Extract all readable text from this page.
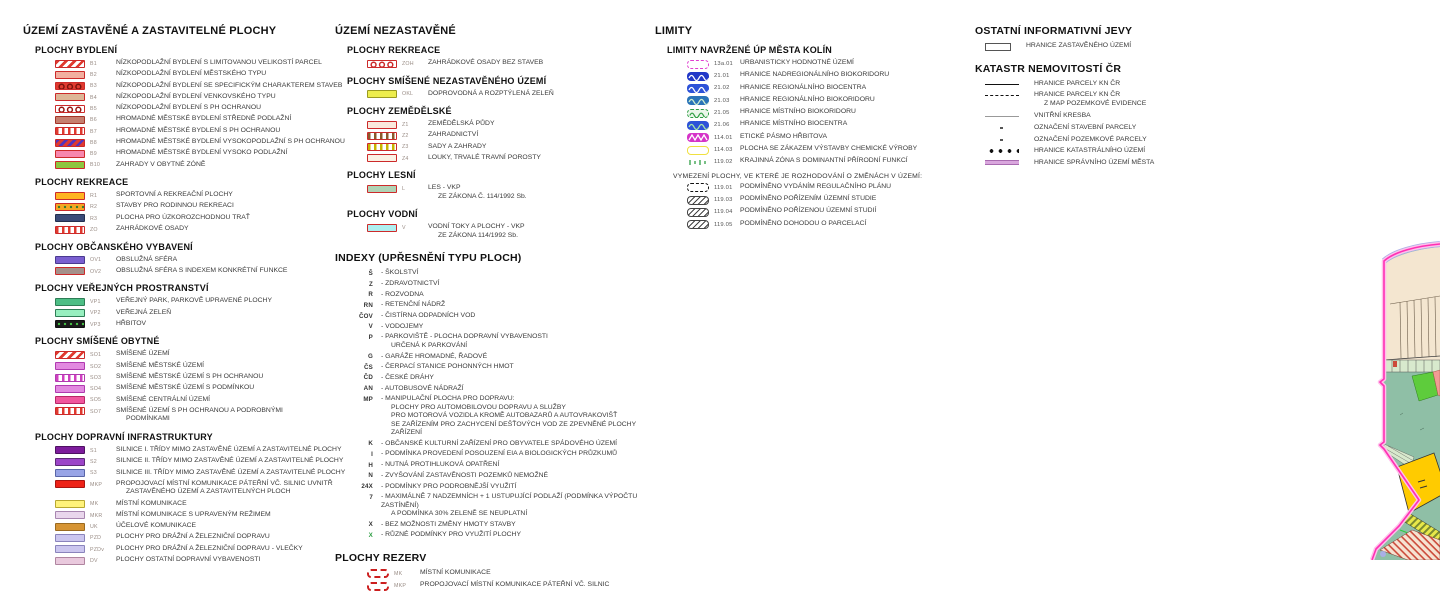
M&M
REALITY
ÚZEMÍ ZASTAVĚNÉ A ZASTAVITELNÉ PLOCHY
PLOCHY BYDLENÍ
B1	NÍZKOPODLAŽNÍ BYDLENÍ S LIMITOVANOU VELIKOSTÍ PARCEL
B2	NÍZKOPODLAŽNÍ BYDLENÍ MĚSTSKÉHO TYPU
B3	NÍZKOPODLAŽNÍ BYDLENÍ SE SPECIFICKÝM CHARAKTEREM STAVEB
B4	NÍZKOPODLAŽNÍ BYDLENÍ VENKOVSKÉHO TYPU
B5	NÍZKOPODLAŽNÍ BYDLENÍ S PH OCHRANOU
B6	HROMADNÉ MĚSTSKÉ BYDLENÍ STŘEDNĚ PODLAŽNÍ
B7	HROMADNÉ MĚSTSKÉ BYDLENÍ S PH OCHRANOU
B8	HROMADNÉ MĚSTSKÉ BYDLENÍ VYSOKOPODLAŽNÍ S PH OCHRANOU
B9	HROMADNÉ MĚSTSKÉ BYDLENÍ VYSOKO PODLAŽNÍ
B10	ZAHRADY V OBYTNÉ ZÓNĚ
PLOCHY REKREACE
R1	SPORTOVNÍ A REKREAČNÍ PLOCHY
R2	STAVBY PRO RODINNOU REKREACI
R3	PLOCHA PRO ÚZKOROZCHODNOU TRAŤ
ZO	ZAHRÁDKOVÉ OSADY
PLOCHY OBČANSKÉHO VYBAVENÍ
OV1	OBSLUŽNÁ SFÉRA
OV2	OBSLUŽNÁ SFÉRA S INDEXEM KONKRÉTNÍ FUNKCE
PLOCHY VEŘEJNÝCH PROSTRANSTVÍ
VP1	VEŘEJNÝ PARK, PARKOVĚ UPRAVENÉ PLOCHY
VP2	VEŘEJNÁ ZELEŇ
VP3	HŘBITOV
PLOCHY SMÍŠENÉ OBYTNÉ
SO1	SMÍŠENÉ ÚZEMÍ
SO2	SMÍŠENÉ MĚSTSKÉ ÚZEMÍ
SO3	SMÍŠENÉ MĚSTSKÉ ÚZEMÍ S PH OCHRANOU
SO4	SMÍŠENÉ MĚSTSKÉ ÚZEMÍ S PODMÍNKOU
SO5	SMÍŠENÉ CENTRÁLNÍ ÚZEMÍ
SO7	SMÍŠENÉ ÚZEMÍ S PH OCHRANOU A PODROBNÝMI
PODMÍNKAMI
PLOCHY DOPRAVNÍ INFRASTRUKTURY
S1	SILNICE I. TŘÍDY MIMO ZASTAVĚNÉ ÚZEMÍ A ZASTAVITELNÉ PLOCHY
S2	SILNICE II. TŘÍDY MIMO ZASTAVĚNÉ ÚZEMÍ A ZASTAVITELNÉ PLOCHY
S3	SILNICE III. TŘÍDY MIMO ZASTAVĚNÉ ÚZEMÍ A ZASTAVITELNÉ PLOCHY
MKP	PROPOJOVACÍ MÍSTNÍ KOMUNIKACE PÁTEŘNÍ VČ. SILNIC UVNITŘ
ZASTAVĚNÉHO ÚZEMÍ A ZASTAVITELNÝCH PLOCH
MK	MÍSTNÍ KOMUNIKACE
MKR	MÍSTNÍ KOMUNIKACE S UPRAVENÝM REŽIMEM
UK	ÚČELOVÉ KOMUNIKACE
PZD	PLOCHY PRO DRÁŽNÍ A ŽELEZNIČNÍ DOPRAVU
PZDv	PLOCHY PRO DRÁŽNÍ A ŽELEZNIČNÍ DOPRAVU - VLEČKY
DV	PLOCHY OSTATNÍ DOPRAVNÍ VYBAVENOSTI
ÚZEMÍ NEZASTAVĚNÉ
PLOCHY REKREACE
ZOH	ZAHRÁDKOVÉ OSADY BEZ STAVEB
PLOCHY SMÍŠENÉ NEZASTAVĚNÉHO ÚZEMÍ
OKL	DOPROVODNÁ A ROZPTÝLENÁ ZELEŇ
PLOCHY ZEMĚDĚLSKÉ
Z1	ZEMĚDĚLSKÁ PŮDY
Z2	ZAHRADNICTVÍ
Z3	SADY A ZAHRADY
Z4	LOUKY, TRVALÉ TRAVNÍ POROSTY
PLOCHY LESNÍ
L	LES - VKP
ZE ZÁKONA Č. 114/1992 Sb.
PLOCHY VODNÍ
V	VODNÍ TOKY A PLOCHY - VKP
ZE ZÁKONA 114/1992 Sb.
INDEXY (UPŘESNĚNÍ TYPU PLOCH)
Š - ŠKOLSTVÍ
Z - ZDRAVOTNICTVÍ
R - ROZVODNA
RN - RETENČNÍ NÁDRŽ
ČOV - ČISTÍRNA ODPADNÍCH VOD
V - VODOJEMY
P - PARKOVIŠTĚ - PLOCHA DOPRAVNÍ VYBAVENOSTI
URČENÁ K PARKOVÁNÍ
G - GARÁŽE HROMADNÉ, ŘADOVÉ
ČS - ČERPACÍ STANICE POHONNÝCH HMOT
ČD - ČESKÉ DRÁHY
AN - AUTOBUSOVÉ NÁDRAŽÍ
MP - MANIPULAČNÍ PLOCHA PRO DOPRAVU:
PLOCHY PRO AUTOMOBILOVOU DOPRAVU A SLUŽBY
PRO MOTOROVÁ VOZIDLA KROMĚ AUTOBAZARŮ A AUTOVRAKOVIŠŤ
SE ZAŘÍZENÍM PRO ZACHYCENÍ DEŠŤOVÝCH VOD ZE ZPEVNĚNÉ PLOCHY ZAŘÍZENÍ
K - OBČANSKÉ KULTURNÍ ZAŘÍZENÍ PRO OBYVATELE SPÁDOVÉHO ÚZEMÍ
I - PODMÍNKA PROVEDENÍ POSOUZENÍ EIA A BIOLOGICKÝCH PRŮZKUMŮ
H - NUTNÁ PROTIHLUKOVÁ OPATŘENÍ
N - ZVYŠOVÁNÍ ZASTAVĚNOSTI POZEMKŮ NEMOŽNÉ
24X - PODMÍNKY PRO PODROBNĚJŠÍ VYUŽITÍ
7 - MAXIMÁLNĚ 7 NADZEMNÍCH + 1 USTUPUJÍCÍ PODLAŽÍ (PODMÍNKA VÝPOČTU ZASTÍNĚNÍ)
A PODMÍNKA 30% ZELENĚ SE NEUPLATNÍ
X - BEZ MOŽNOSTI ZMĚNY HMOTY STAVBY
X - RŮZNÉ PODMÍNKY PRO VYUŽITÍ PLOCHY
PLOCHY REZERV
MK	MÍSTNÍ KOMUNIKACE
MKP	PROPOJOVACÍ MÍSTNÍ KOMUNIKACE PÁTEŘNÍ VČ. SILNIC
LIMITY
LIMITY NAVRŽENÉ ÚP MĚSTA KOLÍN
13a.01	URBANISTICKY HODNOTNÉ ÚZEMÍ
21.01	HRANICE NADREGIONÁLNÍHO BIOKORIDORU
21.02	HRANICE REGIONÁLNÍHO BIOCENTRA
21.03	HRANICE REGIONÁLNÍHO BIOKORIDORU
21.05	HRANICE MÍSTNÍHO BIOKORIDORU
21.06	HRANICE MÍSTNÍHO BIOCENTRA
114.01	ETICKÉ PÁSMO HŘBITOVA
114.03	PLOCHA SE ZÁKAZEM VÝSTAVBY CHEMICKÉ VÝROBY
119.02	KRAJINNÁ ZÓNA S DOMINANTNÍ PŘÍRODNÍ FUNKCÍ
VYMEZENÍ PLOCHY, VE KTERÉ JE ROZHODOVÁNÍ O ZMĚNÁCH V ÚZEMÍ:
119.01	PODMÍNĚNO VYDÁNÍM REGULAČNÍHO PLÁNU
119.03	PODMÍNĚNO POŘÍZENÍM ÚZEMNÍ STUDIE
119.04	PODMÍNĚNO POŘÍZENOU ÚZEMNÍ STUDIÍ
119.05	PODMÍNĚNO DOHODOU O PARCELACÍ
OSTATNÍ INFORMATIVNÍ JEVY
HRANICE ZASTAVĚNÉHO ÚZEMÍ
KATASTR NEMOVITOSTÍ ČR
HRANICE PARCELY KN ČR
HRANICE PARCELY KN ČR
Z MAP POZEMKOVÉ EVIDENCE
VNITŘNÍ KRESBA
OZNAČENÍ STAVEBNÍ PARCELY
OZNAČENÍ POZEMKOVÉ PARCELY
HRANICE KATASTRÁLNÍHO ÚZEMÍ
HRANICE SPRÁVNÍHO ÚZEMÍ MĚSTA
